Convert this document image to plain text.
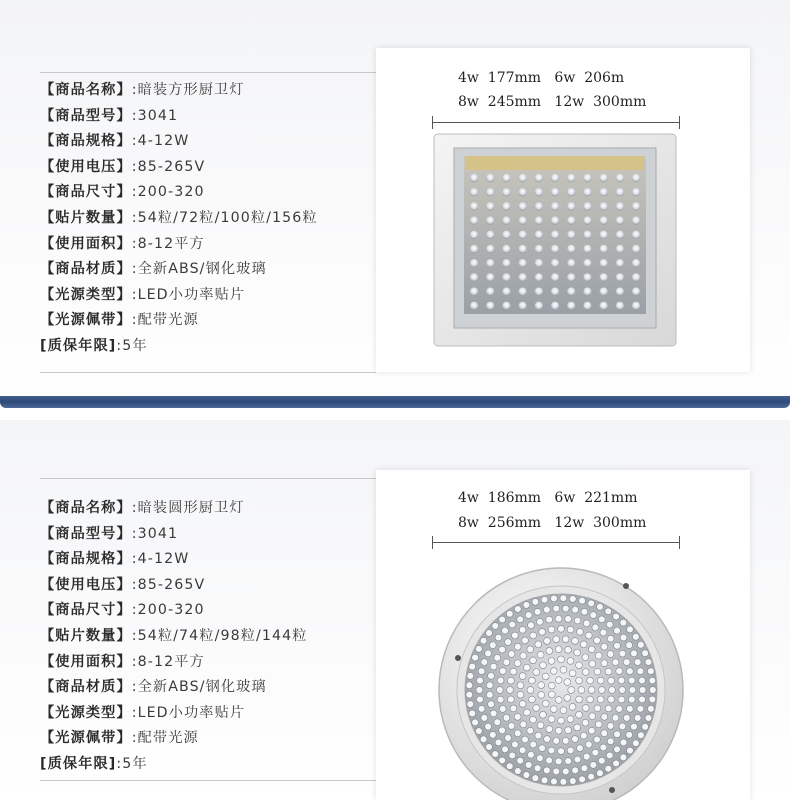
【商品名称】:暗装方形厨卫灯
【商品型号】:3041
【商品规格】:4-12W
【使用电压】:85-265V
【商品尺寸】:200-320
【贴片数量】:54粒/72粒/100粒/156粒
【使用面积】:8-12平方
【商品材质】:全新ABS/钢化玻璃
【光源类型】:LED小功率贴片
【光源佩带】:配带光源
[质保年限]:5年
4w  177mm   6w  206m
8w  245mm   12w  300mm
【商品名称】:暗装圆形厨卫灯
【商品型号】:3041
【商品规格】:4-12W
【使用电压】:85-265V
【商品尺寸】:200-320
【贴片数量】:54粒/74粒/98粒/144粒
【使用面积】:8-12平方
【商品材质】:全新ABS/钢化玻璃
【光源类型】:LED小功率贴片
【光源佩带】:配带光源
[质保年限]:5年
4w  186mm   6w  221mm
8w  256mm   12w  300mm
